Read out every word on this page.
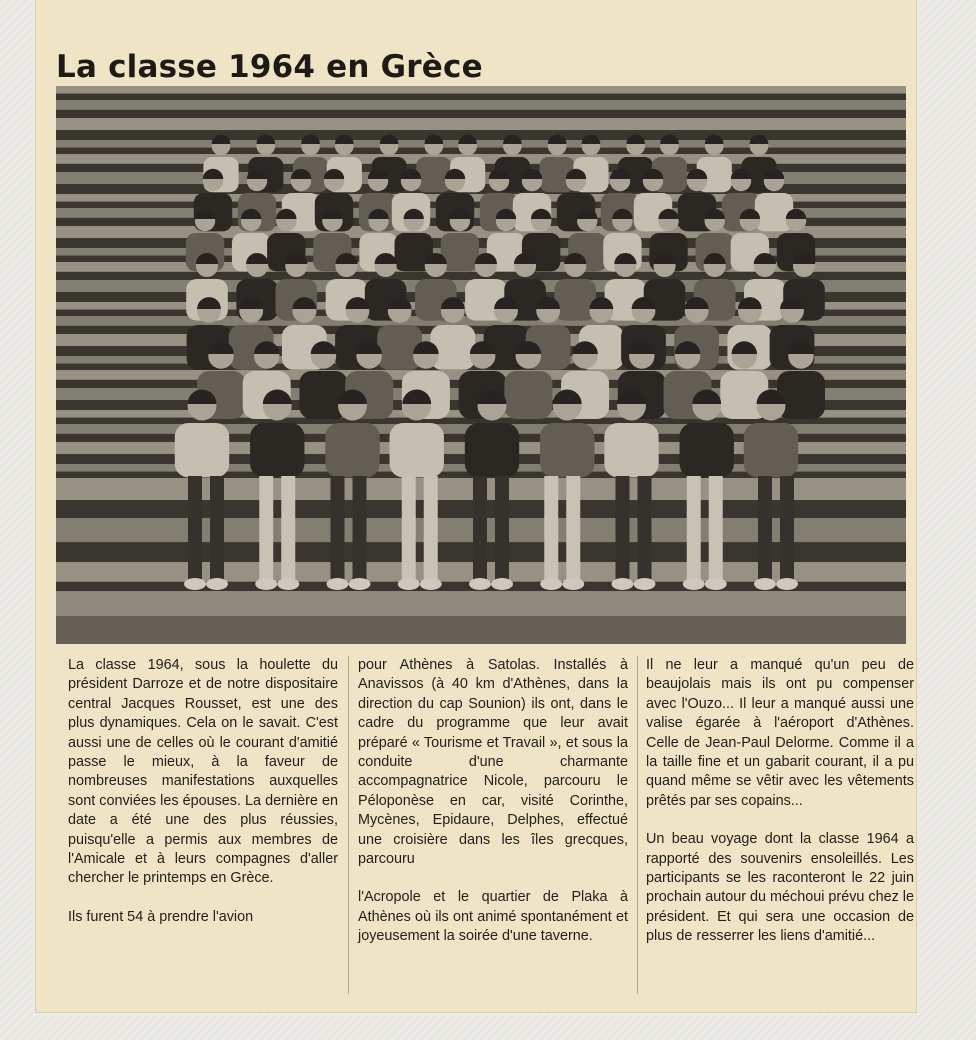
La classe 1964 en Grèce

La classe 1964, sous la houlette du président Darroze et de notre dispositaire central Jacques Rousset, est une des plus dynamiques. Cela on le savait. C'est aussi une de celles où le courant d'amitié passe le mieux, à la faveur de nombreuses manifestations auxquelles sont conviées les épouses. La dernière en date a été une des plus réussies, puisqu'elle a permis aux membres de l'Amicale et à leurs compagnes d'aller chercher le printemps en Grèce.

Ils furent 54 à prendre l'avion

pour Athènes à Satolas. Installés à Anavissos (à 40 km d'Athènes, dans la direction du cap Sounion) ils ont, dans le cadre du programme que leur avait préparé « Tourisme et Travail », et sous la conduite d'une charmante accompagnatrice Nicole, parcouru le Péloponèse en car, visité Corinthe, Mycènes, Epidaure, Delphes, effectué une croisière dans les îles grecques, parcouru

l'Acropole et le quartier de Plaka à Athènes où ils ont animé spontanément et joyeusement la soirée d'une taverne.

Il ne leur a manqué qu'un peu de beaujolais mais ils ont pu compenser avec l'Ouzo... Il leur a manqué aussi une valise égarée à l'aéroport d'Athènes. Celle de Jean-Paul Delorme. Comme il a la taille fine et un gabarit courant, il a pu quand même se vêtir avec les vêtements prêtés par ses copains...

Un beau voyage dont la classe 1964 a rapporté des souvenirs ensoleillés. Les participants se les raconteront le 22 juin prochain autour du méchoui prévu chez le président. Et qui sera une occasion de plus de resserrer les liens d'amitié...
